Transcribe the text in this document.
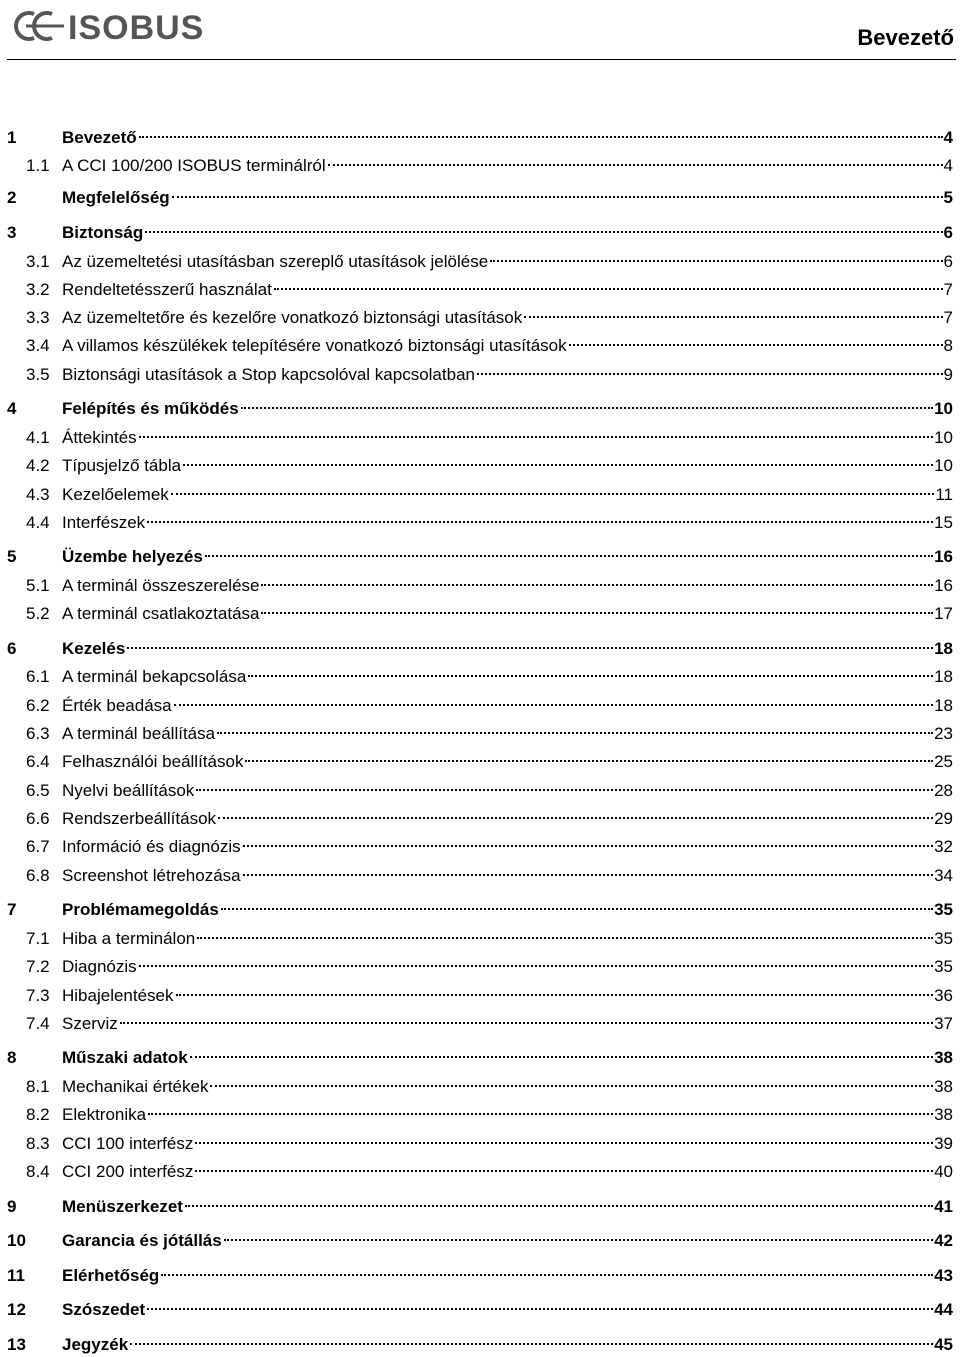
ISOBUS	Bevezető
1	Bevezető	4
1.1 A CCI 100/200 ISOBUS terminálról	4
2	Megfelelőség	5
3	Biztonság	6
3.1 Az üzemeltetési utasításban szereplő utasítások jelölése	6
3.2 Rendeltetésszerű használat	7
3.3 Az üzemeltetőre és kezelőre vonatkozó biztonsági utasítások	7
3.4 A villamos készülékek telepítésére vonatkozó biztonsági utasítások	8
3.5 Biztonsági utasítások a Stop kapcsolóval kapcsolatban	9
4	Felépítés és működés	10
4.1 Áttekintés	10
4.2 Típusjelző tábla	10
4.3 Kezelőelemek	11
4.4 Interfészek	15
5	Üzembe helyezés	16
5.1 A terminál összeszerelése	16
5.2 A terminál csatlakoztatása	17
6	Kezelés	18
6.1 A terminál bekapcsolása	18
6.2 Érték beadása	18
6.3 A terminál beállítása	23
6.4 Felhasználói beállítások	25
6.5 Nyelvi beállítások	28
6.6 Rendszerbeállítások	29
6.7 Információ és diagnózis	32
6.8 Screenshot létrehozása	34
7	Problémamegoldás	35
7.1 Hiba a terminálon	35
7.2 Diagnózis	35
7.3 Hibajelentések	36
7.4 Szerviz	37
8	Műszaki adatok	38
8.1 Mechanikai értékek	38
8.2 Elektronika	38
8.3 CCI 100 interfész	39
8.4 CCI 200 interfész	40
9	Menüszerkezet	41
10	Garancia és jótállás	42
11	Elérhetőség	43
12	Szószedet	44
13	Jegyzék	45
